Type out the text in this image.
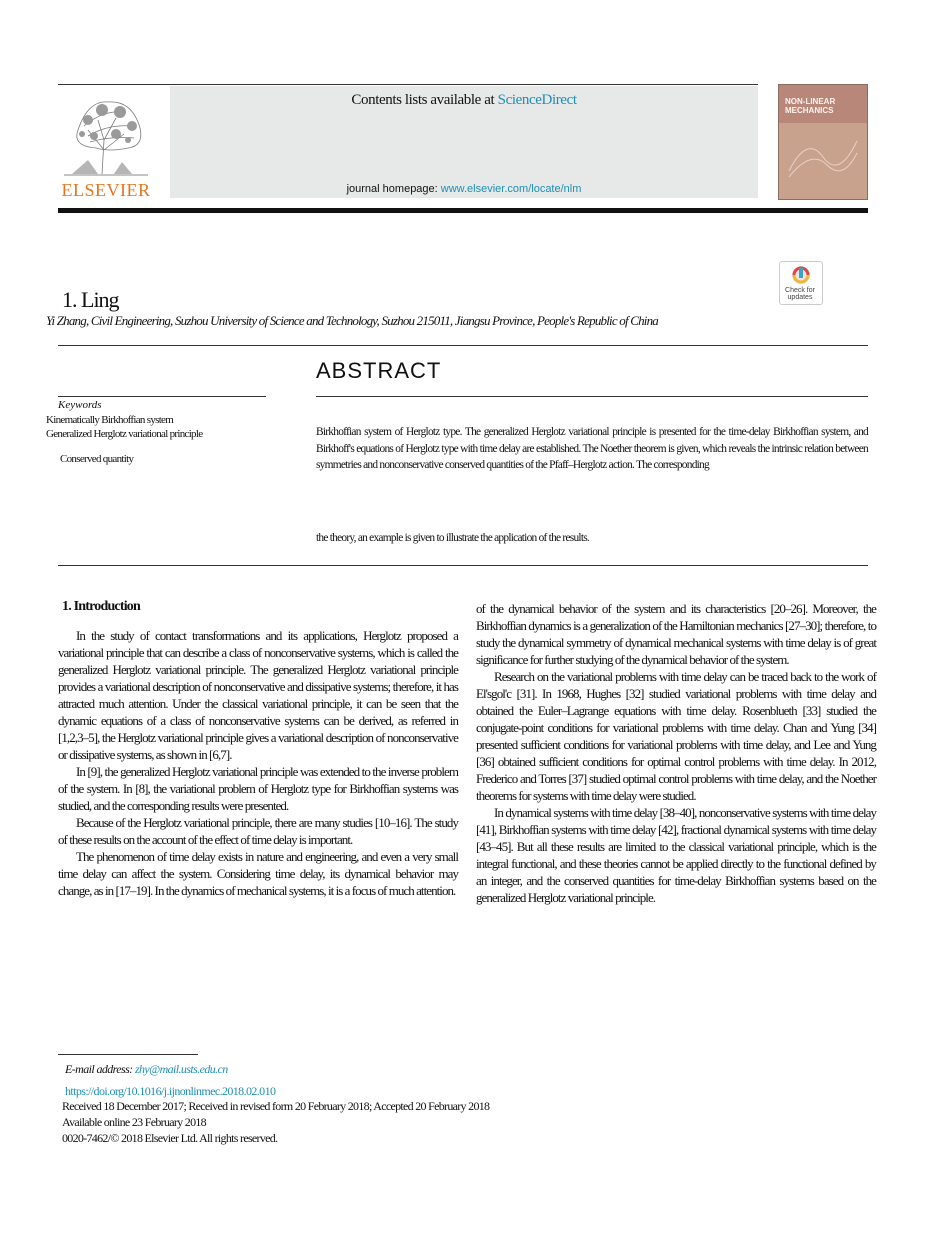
ELSEVIER
Contents lists available at ScienceDirect
journal homepage: www.elsevier.com/locate/nlm
NON-LINEAR
MECHANICS
Check for updates
1. Ling
Yi Zhang, Civil Engineering, Suzhou University of Science and Technology, Suzhou 215011, Jiangsu Province, People's Republic of China
ABSTRACT
Keywords
Kinematically Birkhoffian system
Generalized Herglotz variational principle
Conserved quantity
Birkhoffian system of Herglotz type. The generalized Herglotz variational principle is presented for the time-delay Birkhoffian system, and Birkhoff's equations of Herglotz type with time delay are established. The Noether theorem is given, which reveals the intrinsic relation between symmetries and nonconservative conserved quantities of the Pfaff–Herglotz action. The corresponding
the theory, an example is given to illustrate the application of the results.
1. Introduction

In the study of contact transformations and its applications, Herglotz proposed a variational principle that can describe a class of nonconservative systems, which is called the generalized Herglotz variational principle. The generalized Herglotz variational principle provides a variational description of nonconservative and dissipative systems; therefore, it has attracted much attention. Under the classical variational principle, it can be seen that the dynamic equations of a class of nonconservative systems can be derived, as referred in [1,2,3–5], the Herglotz variational principle gives a variational description of nonconservative or dissipative systems, as shown in [6,7].

In [9], the generalized Herglotz variational principle was extended to the inverse problem of the system. In [8], the variational problem of Herglotz type for Birkhoffian systems was studied, and the corresponding results were presented.

Because of the Herglotz variational principle, there are many studies [10–16]. The study of these results on the account of the effect of time delay is important.

The phenomenon of time delay exists in nature and engineering, and even a very small time delay can affect the system. Considering time delay, its dynamical behavior may change, as in [17–19]. In the dynamics of mechanical systems, it is a focus of much attention.

of the dynamical behavior of the system and its characteristics [20–26]. Moreover, the Birkhoffian dynamics is a generalization of the Hamiltonian mechanics [27–30]; therefore, to study the dynamical symmetry of dynamical mechanical systems with time delay is of great significance for further studying of the dynamical behavior of the system.

Research on the variational problems with time delay can be traced back to the work of El'sgol'c [31]. In 1968, Hughes [32] studied variational problems with time delay and obtained the Euler–Lagrange equations with time delay. Rosenblueth [33] studied the conjugate-point conditions for variational problems with time delay. Chan and Yung [34] presented sufficient conditions for variational problems with time delay, and Lee and Yung [36] obtained sufficient conditions for optimal control problems with time delay. In 2012, Frederico and Torres [37] studied optimal control problems with time delay, and the Noether theorems for systems with time delay were studied.

In dynamical systems with time delay [38–40], nonconservative systems with time delay [41], Birkhoffian systems with time delay [42], fractional dynamical systems with time delay [43–45]. But all these results are limited to the classical variational principle, which is the integral functional, and these theories cannot be applied directly to the functional defined by an integer, and the conserved quantities for time-delay Birkhoffian systems based on the generalized Herglotz variational principle.

E-mail address: zhy@mail.usts.edu.cn
https://doi.org/10.1016/j.ijnonlinmec.2018.02.010
Received 18 December 2017; Received in revised form 20 February 2018; Accepted 20 February 2018
Available online 23 February 2018
0020-7462/© 2018 Elsevier Ltd. All rights reserved.
